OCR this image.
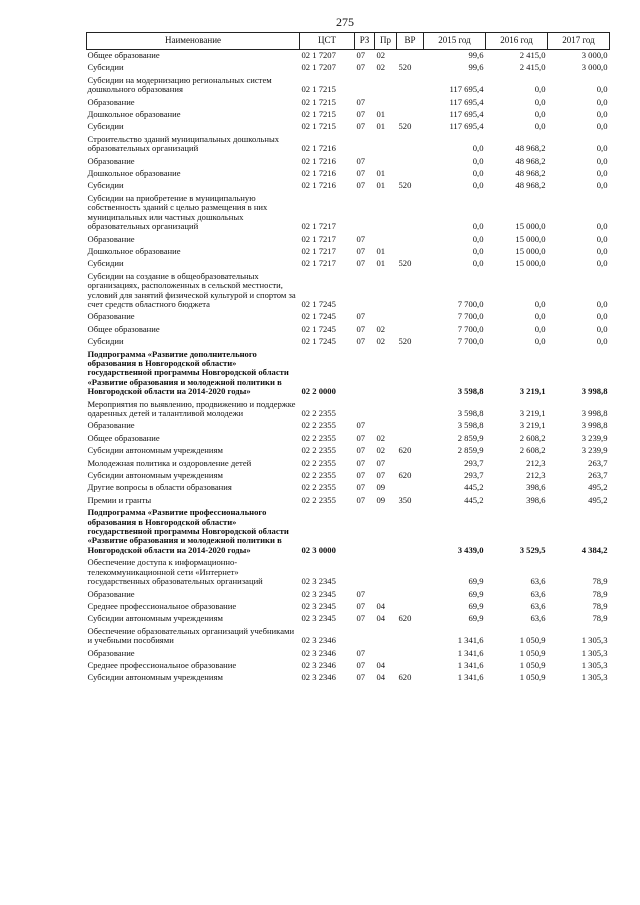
275
Наименование	ЦСТ	РЗ	Пр	ВР	2015 год	2016 год	2017 год
Общее образование	02 1 7207	07	02		99,6	2 415,0	3 000,0
Субсидии	02 1 7207	07	02	520	99,6	2 415,0	3 000,0
Субсидии на модернизацию региональных систем дошкольного образования	02 1 7215				117 695,4	0,0	0,0
Образование	02 1 7215	07			117 695,4	0,0	0,0
Дошкольное образование	02 1 7215	07	01		117 695,4	0,0	0,0
Субсидии	02 1 7215	07	01	520	117 695,4	0,0	0,0
Строительство зданий муниципальных дошкольных образовательных организаций	02 1 7216				0,0	48 968,2	0,0
Образование	02 1 7216	07			0,0	48 968,2	0,0
Дошкольное образование	02 1 7216	07	01		0,0	48 968,2	0,0
Субсидии	02 1 7216	07	01	520	0,0	48 968,2	0,0
Субсидии на приобретение в муниципальную собственность зданий с целью размещения в них муниципальных или частных дошкольных образовательных организаций	02 1 7217				0,0	15 000,0	0,0
Образование	02 1 7217	07			0,0	15 000,0	0,0
Дошкольное образование	02 1 7217	07	01		0,0	15 000,0	0,0
Субсидии	02 1 7217	07	01	520	0,0	15 000,0	0,0
Субсидии на создание в общеобразовательных организациях, расположенных в сельской местности, условий для занятий физической культурой и спортом за счет средств областного бюджета	02 1 7245				7 700,0	0,0	0,0
Образование	02 1 7245	07			7 700,0	0,0	0,0
Общее образование	02 1 7245	07	02		7 700,0	0,0	0,0
Субсидии	02 1 7245	07	02	520	7 700,0	0,0	0,0
Подпрограмма «Развитие дополнительного образования в Новгородской области» государственной программы Новгородской области «Развитие образования и молодежной политики в Новгородской области на 2014-2020 годы»	02 2 0000				3 598,8	3 219,1	3 998,8
Мероприятия по выявлению, продвижению и поддержке одаренных детей и талантливой молодежи	02 2 2355				3 598,8	3 219,1	3 998,8
Образование	02 2 2355	07			3 598,8	3 219,1	3 998,8
Общее образование	02 2 2355	07	02		2 859,9	2 608,2	3 239,9
Субсидии автономным учреждениям	02 2 2355	07	02	620	2 859,9	2 608,2	3 239,9
Молодежная политика и оздоровление детей	02 2 2355	07	07		293,7	212,3	263,7
Субсидии автономным учреждениям	02 2 2355	07	07	620	293,7	212,3	263,7
Другие вопросы в области образования	02 2 2355	07	09		445,2	398,6	495,2
Премии и гранты	02 2 2355	07	09	350	445,2	398,6	495,2
Подпрограмма «Развитие профессионального образования в Новгородской области» государственной программы Новгородской области «Развитие образования и молодежной политики в Новгородской области на 2014-2020 годы»	02 3 0000				3 439,0	3 529,5	4 384,2
Обеспечение доступа к информационно-телекоммуникационной сети «Интернет» государственных образовательных организаций	02 3 2345				69,9	63,6	78,9
Образование	02 3 2345	07			69,9	63,6	78,9
Среднее профессиональное образование	02 3 2345	07	04		69,9	63,6	78,9
Субсидии автономным учреждениям	02 3 2345	07	04	620	69,9	63,6	78,9
Обеспечение образовательных организаций учебниками и учебными пособиями	02 3 2346				1 341,6	1 050,9	1 305,3
Образование	02 3 2346	07			1 341,6	1 050,9	1 305,3
Среднее профессиональное образование	02 3 2346	07	04		1 341,6	1 050,9	1 305,3
Субсидии автономным учреждениям	02 3 2346	07	04	620	1 341,6	1 050,9	1 305,3
